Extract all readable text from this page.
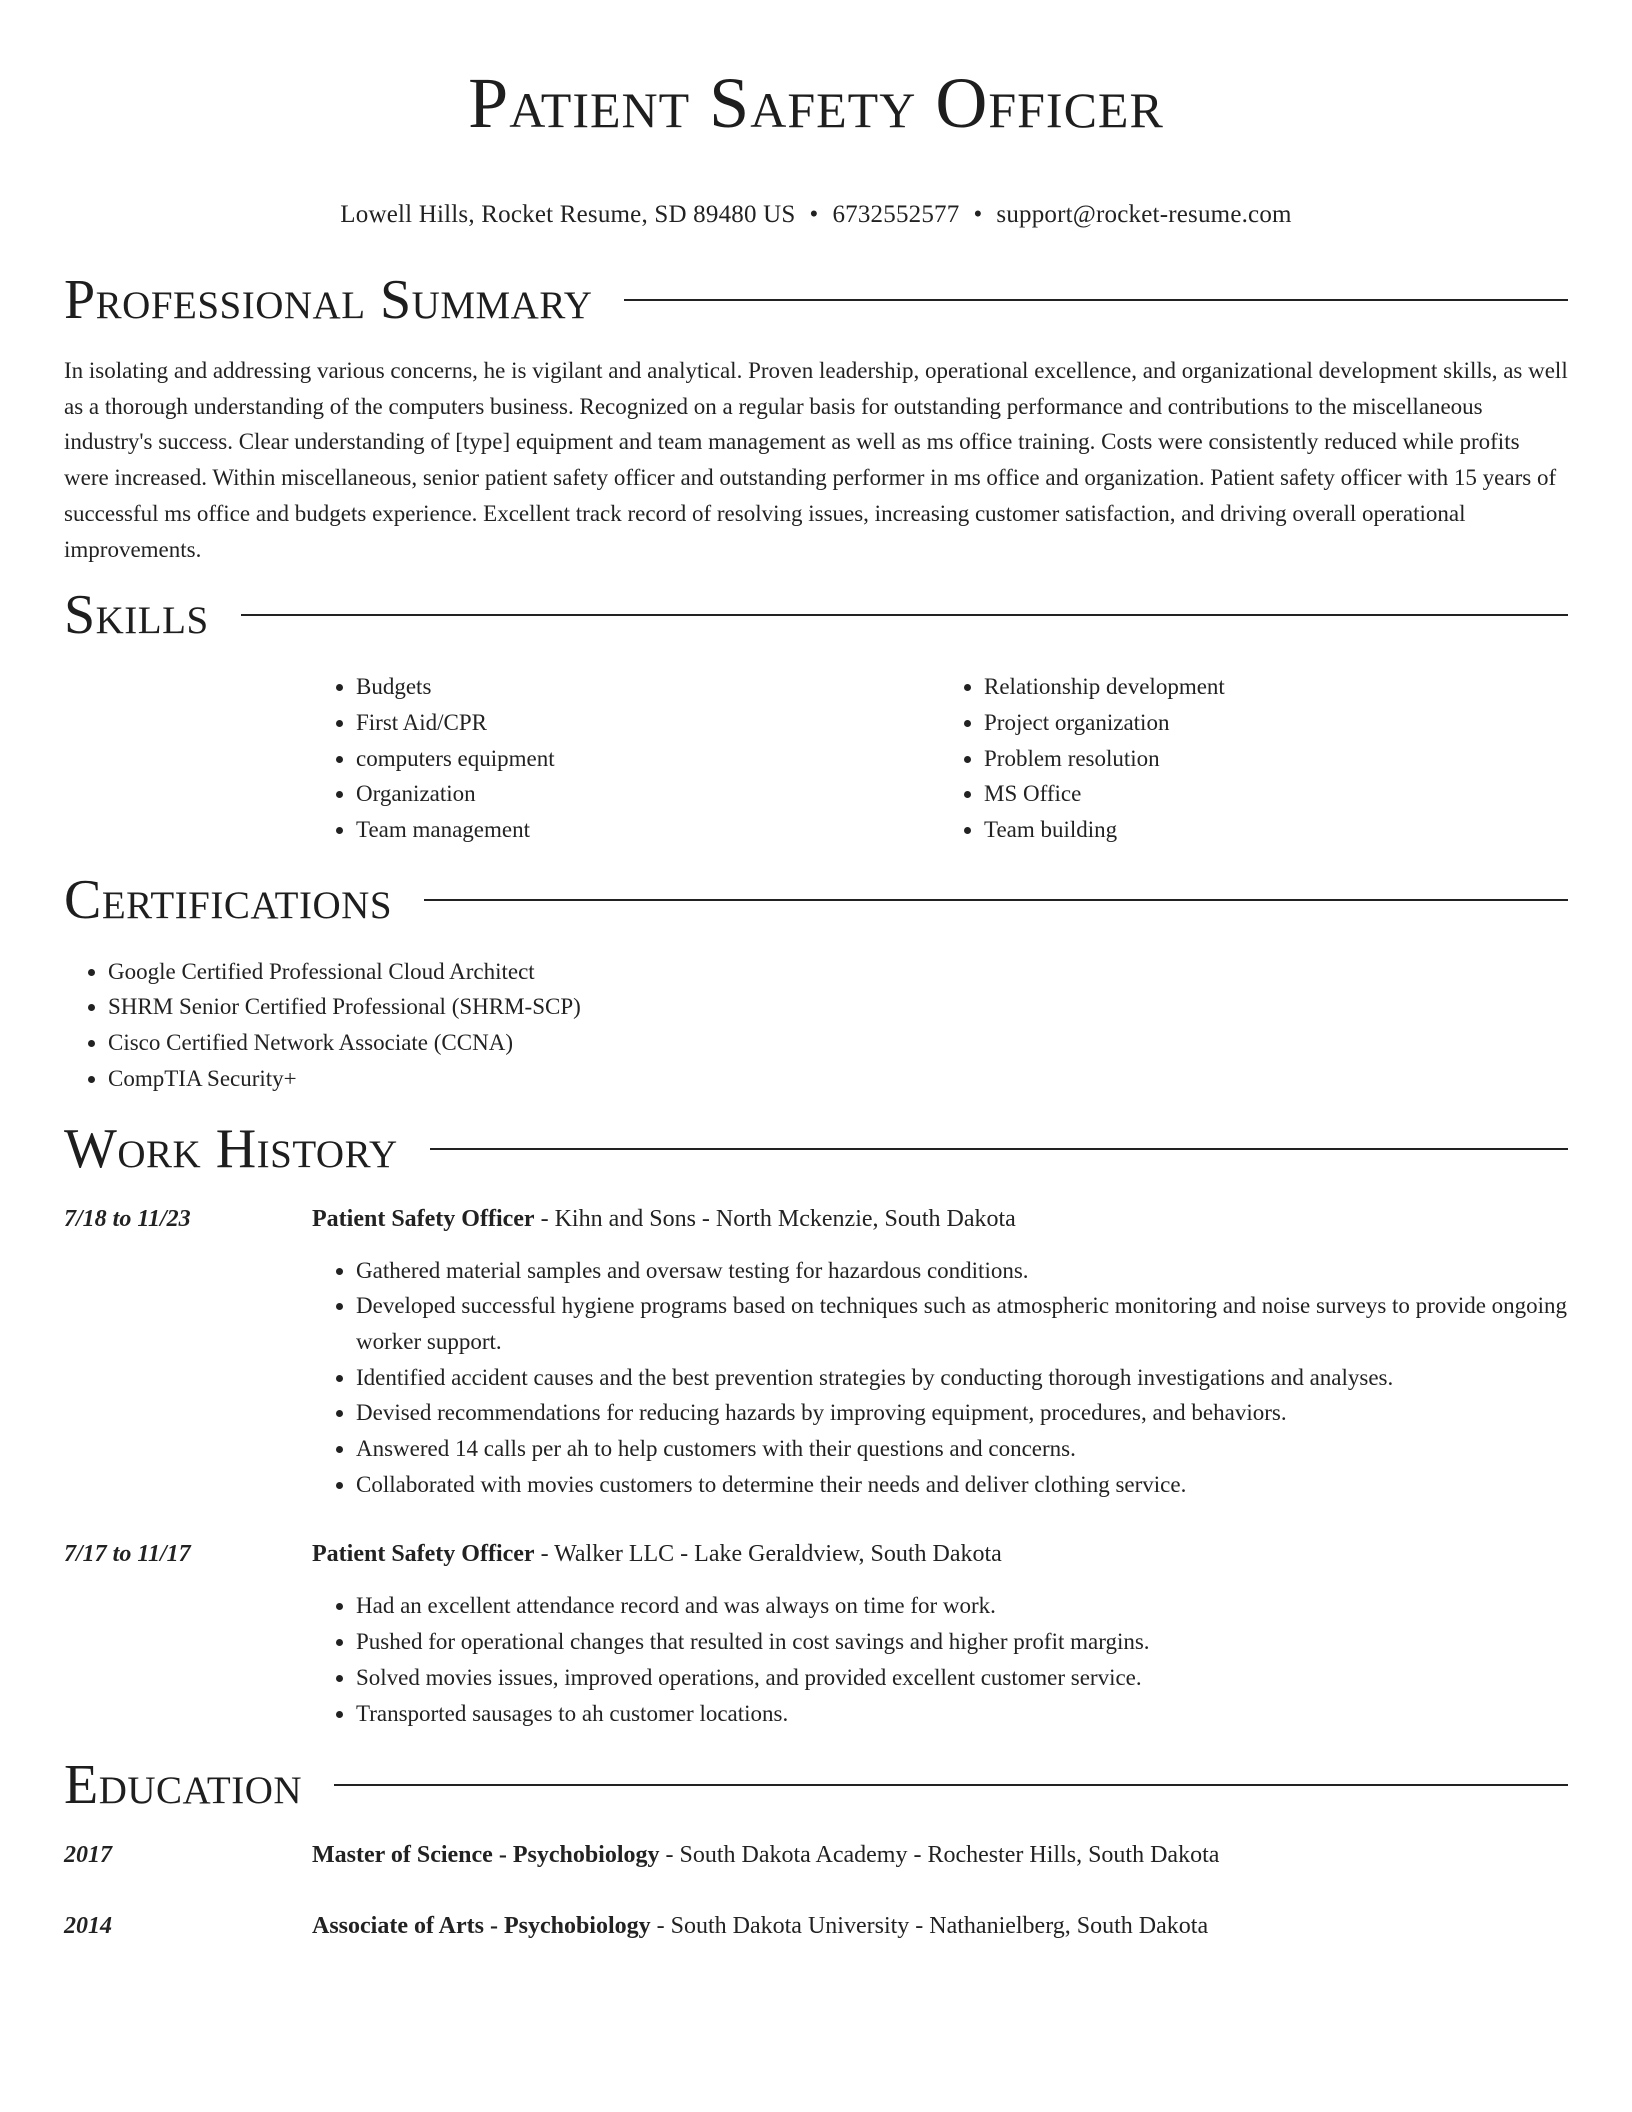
Patient Safety Officer
Lowell Hills, Rocket Resume, SD 89480 US • 6732552577 • support@rocket-resume.com
Professional Summary

In isolating and addressing various concerns, he is vigilant and analytical. Proven leadership, operational excellence, and organizational development skills, as well as a thorough understanding of the computers business. Recognized on a regular basis for outstanding performance and contributions to the miscellaneous industry's success. Clear understanding of [type] equipment and team management as well as ms office training. Costs were consistently reduced while profits were increased. Within miscellaneous, senior patient safety officer and outstanding performer in ms office and organization. Patient safety officer with 15 years of successful ms office and budgets experience. Excellent track record of resolving issues, increasing customer satisfaction, and driving overall operational improvements.

Skills
• Budgets
• First Aid/CPR
• computers equipment
• Organization
• Team management
• Relationship development
• Project organization
• Problem resolution
• MS Office
• Team building
Certifications
• Google Certified Professional Cloud Architect
• SHRM Senior Certified Professional (SHRM-SCP)
• Cisco Certified Network Associate (CCNA)
• CompTIA Security+
Work History
7/18 to 11/23	Patient Safety Officer - Kihn and Sons - North Mckenzie, South Dakota
• Gathered material samples and oversaw testing for hazardous conditions.
• Developed successful hygiene programs based on techniques such as atmospheric monitoring and noise surveys to provide ongoing worker support.
• Identified accident causes and the best prevention strategies by conducting thorough investigations and analyses.
• Devised recommendations for reducing hazards by improving equipment, procedures, and behaviors.
• Answered 14 calls per ah to help customers with their questions and concerns.
• Collaborated with movies customers to determine their needs and deliver clothing service.
7/17 to 11/17	Patient Safety Officer - Walker LLC - Lake Geraldview, South Dakota
• Had an excellent attendance record and was always on time for work.
• Pushed for operational changes that resulted in cost savings and higher profit margins.
• Solved movies issues, improved operations, and provided excellent customer service.
• Transported sausages to ah customer locations.
Education
2017	Master of Science - Psychobiology - South Dakota Academy - Rochester Hills, South Dakota
2014	Associate of Arts - Psychobiology - South Dakota University - Nathanielberg, South Dakota
